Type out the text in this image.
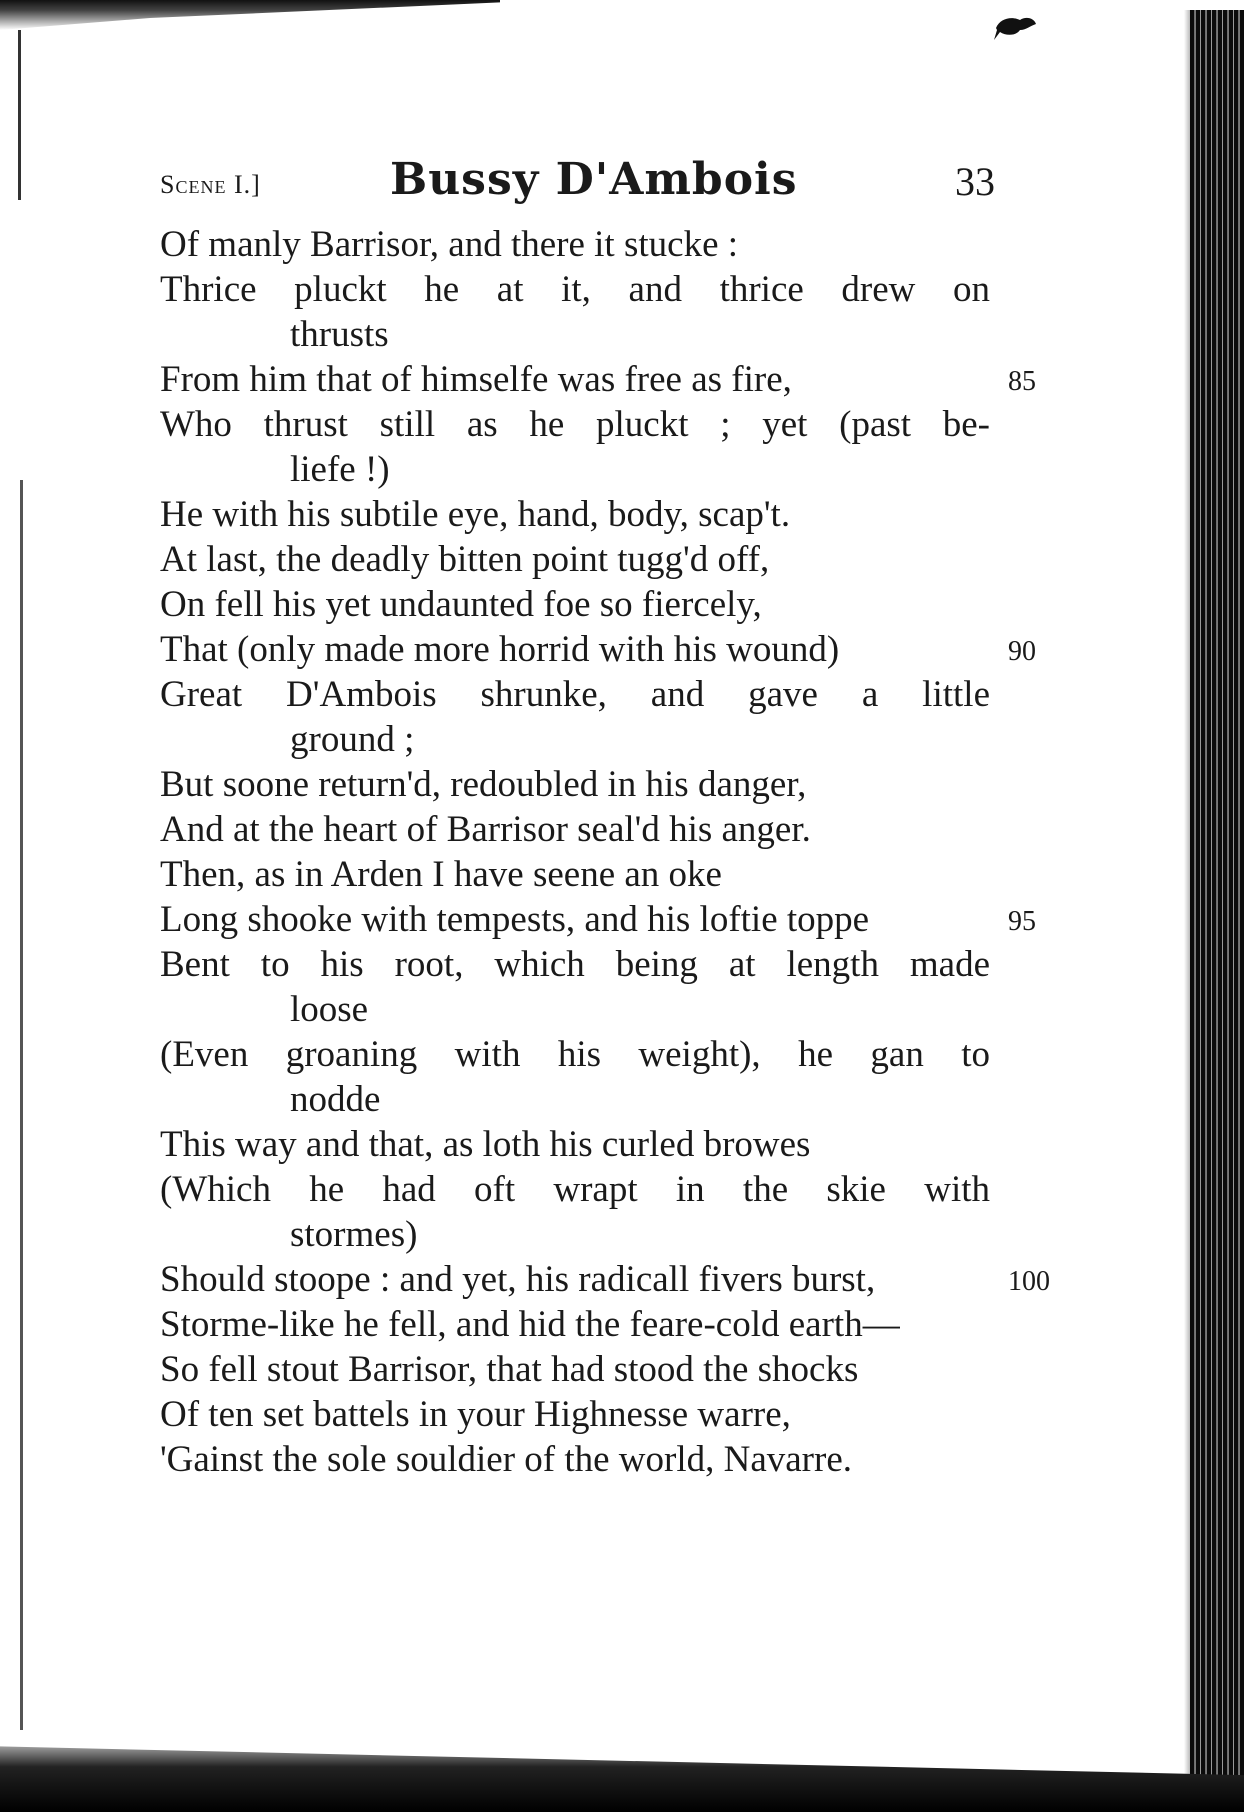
Scene I.]	Bussy D'Ambois	33
Of manly Barrisor, and there it stucke :
Thrice pluckt he at it, and thrice drew on
thrusts
From him that of himselfe was free as fire,	85
Who thrust still as he pluckt ; yet (past be-
liefe !)
He with his subtile eye, hand, body, scap't.
At last, the deadly bitten point tugg'd off,
On fell his yet undaunted foe so fiercely,
That (only made more horrid with his wound)	90
Great D'Ambois shrunke, and gave a little
ground ;
But soone return'd, redoubled in his danger,
And at the heart of Barrisor seal'd his anger.
Then, as in Arden I have seene an oke
Long shooke with tempests, and his loftie toppe	95
Bent to his root, which being at length made
loose
(Even groaning with his weight), he gan to
nodde
This way and that, as loth his curled browes
(Which he had oft wrapt in the skie with
stormes)
Should stoope : and yet, his radicall fivers burst,	100
Storme-like he fell, and hid the feare-cold earth—
So fell stout Barrisor, that had stood the shocks
Of ten set battels in your Highnesse warre,
'Gainst the sole souldier of the world, Navarre.
